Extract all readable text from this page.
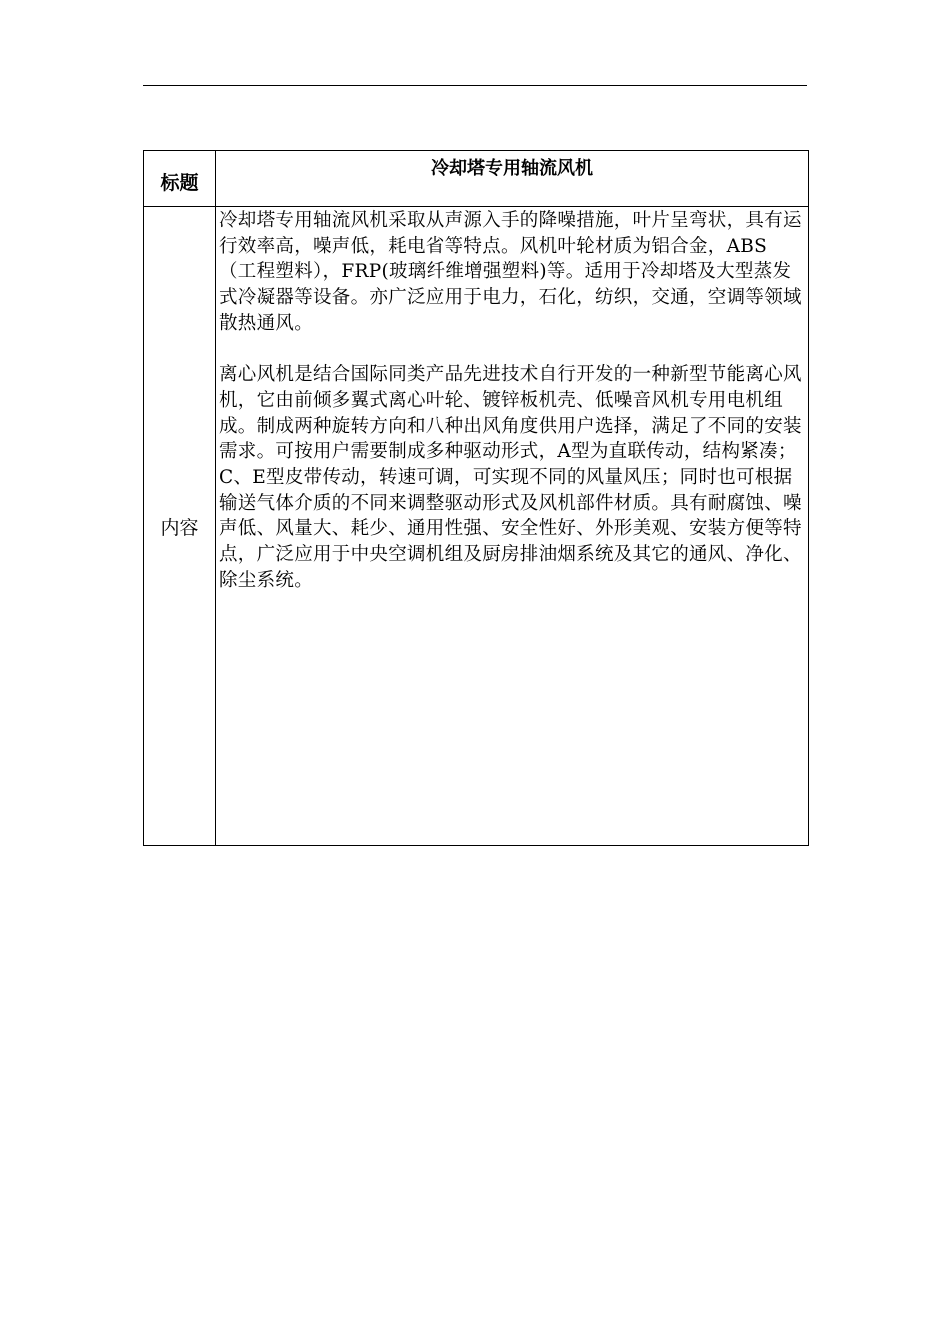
标题	冷却塔专用轴流风机
内容	冷却塔专用轴流风机采取从声源入手的降噪措施，叶片呈弯状，具有运行效率高，噪声低，耗电省等特点。风机叶轮材质为铝合金，ABS（工程塑料），FRP(玻璃纤维增强塑料)等。适用于冷却塔及大型蒸发式冷凝器等设备。亦广泛应用于电力，石化，纺织，交通，空调等领域散热通风。

离心风机是结合国际同类产品先进技术自行开发的一种新型节能离心风机，它由前倾多翼式离心叶轮、镀锌板机壳、低噪音风机专用电机组成。制成两种旋转方向和八种出风角度供用户选择，满足了不同的安装需求。可按用户需要制成多种驱动形式，A型为直联传动，结构紧凑；C、E型皮带传动，转速可调，可实现不同的风量风压；同时也可根据输送气体介质的不同来调整驱动形式及风机部件材质。具有耐腐蚀、噪声低、风量大、耗少、通用性强、安全性好、外形美观、安装方便等特点，广泛应用于中央空调机组及厨房排油烟系统及其它的通风、净化、除尘系统。
